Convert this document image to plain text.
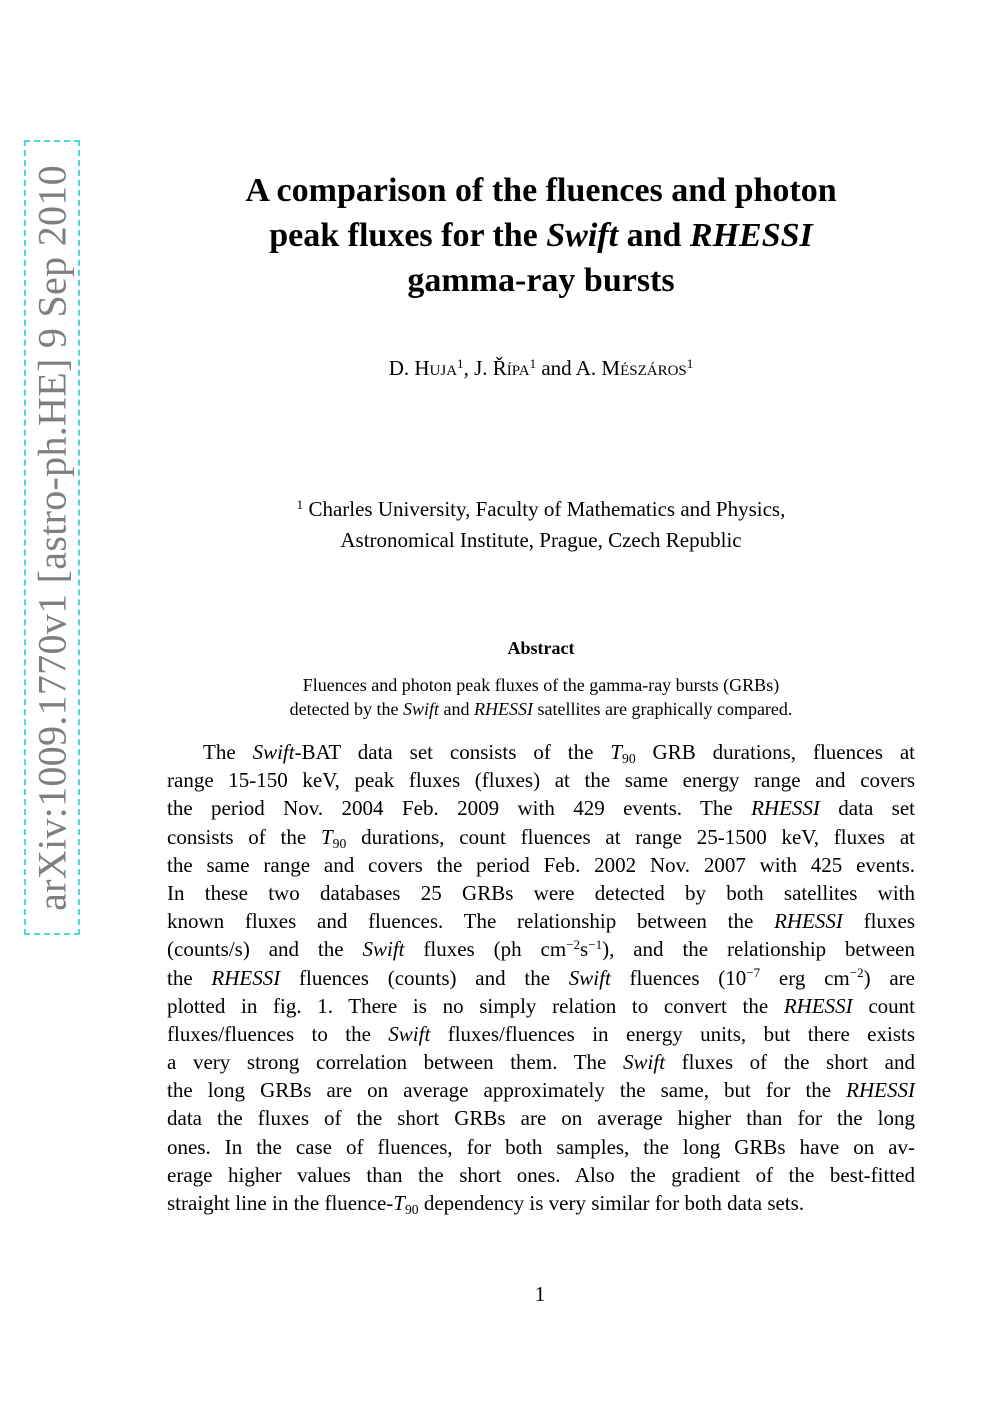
arXiv:1009.1770v1 [astro-ph.HE] 9 Sep 2010	A comparison of the fluences and photon
peak fluxes for the Swift and RHESSI
gamma-ray bursts
D. Huja$^1$, J. Řípa$^1$ and A. Mészáros$^1$
$^1$ Charles University, Faculty of Mathematics and Physics,
Astronomical Institute, Prague, Czech Republic
Abstract
Fluences and photon peak fluxes of the gamma-ray bursts (GRBs)
detected by the Swift and RHESSI satellites are graphically compared.
The Swift-BAT data set consists of the $T_{90}$ GRB durations, fluences at
range 15-150 keV, peak fluxes (fluxes) at the same energy range and covers
the period Nov. 2004 Feb. 2009 with 429 events. The RHESSI data set
consists of the $T_{90}$ durations, count fluences at range 25-1500 keV, fluxes at
the same range and covers the period Feb. 2002 Nov. 2007 with 425 events.
In these two databases 25 GRBs were detected by both satellites with
known fluxes and fluences. The relationship between the RHESSI fluxes
(counts/s) and the Swift fluxes (ph $cm^{-2}s^{-1}$), and the relationship between
the RHESSI fluences (counts) and the Swift fluences ($10^{-7}$ erg $cm^{-2}$) are
plotted in fig. 1. There is no simply relation to convert the RHESSI count
fluxes/fluences to the Swift fluxes/fluences in energy units, but there exists
a very strong correlation between them. The Swift fluxes of the short and
the long GRBs are on average approximately the same, but for the RHESSI
data the fluxes of the short GRBs are on average higher than for the long
ones. In the case of fluences, for both samples, the long GRBs have on av-
erage higher values than the short ones. Also the gradient of the best-fitted
straight line in the fluence-$T_{90}$ dependency is very similar for both data sets.
1
